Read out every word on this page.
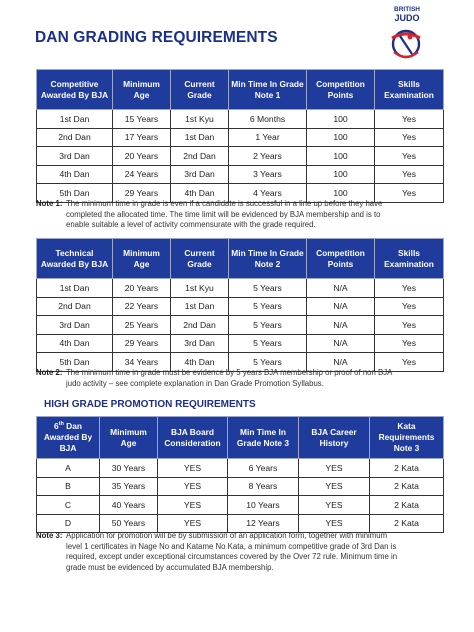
DAN GRADING REQUIREMENTS
BRITISH
JUDO
Competitive Awarded By BJA	Minimum Age	Current Grade	Min Time In Grade Note 1	Competition Points	Skills Examination
1st Dan	15 Years	1st Kyu	6 Months	100	Yes
2nd Dan	17 Years	1st Dan	1 Year	100	Yes
3rd Dan	20 Years	2nd Dan	2 Years	100	Yes
4th Dan	24 Years	3rd Dan	3 Years	100	Yes
5th Dan	29 Years	4th Dan	4 Years	100	Yes
Note 1: The minimum time in grade is even if a candidate is successful in a line up before they have
completed the allocated time. The time limit will be evidenced by BJA membership and is to
enable suitable a level of activity commensurate with the grade required.
Technical Awarded By BJA	Minimum Age	Current Grade	Min Time In Grade Note 2	Competition Points	Skills Examination
1st Dan	20 Years	1st Kyu	5 Years	N/A	Yes
2nd Dan	22 Years	1st Dan	5 Years	N/A	Yes
3rd Dan	25 Years	2nd Dan	5 Years	N/A	Yes
4th Dan	29 Years	3rd Dan	5 Years	N/A	Yes
5th Dan	34 Years	4th Dan	5 Years	N/A	Yes
Note 2: The minimum time in grade must be evidence by 5 years BJA membership or proof of non BJA
judo activity – see complete explanation in Dan Grade Promotion Syllabus.
HIGH GRADE PROMOTION REQUIREMENTS
6th Dan Awarded By BJA	Minimum Age	BJA Board Consideration	Min Time In Grade Note 3	BJA Career History	Kata Requirements Note 3
A	30 Years	YES	6 Years	YES	2 Kata
B	35 Years	YES	8 Years	YES	2 Kata
C	40 Years	YES	10 Years	YES	2 Kata
D	50 Years	YES	12 Years	YES	2 Kata
Note 3: Application for promotion will be by submission of an application form, together with minimum
level 1 certificates in Nage No and Katame No Kata, a minimum competitive grade of 3rd Dan is
required, except under exceptional circumstances covered by the Over 72 rule. Minimum time in
grade must be evidenced by accumulated BJA membership.
